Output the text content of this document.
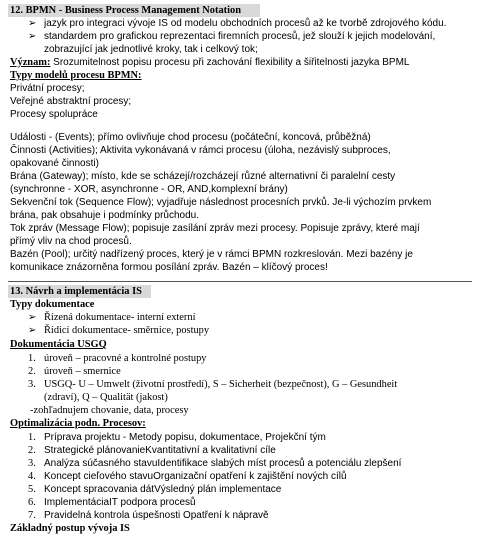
12. BPMN - Business Process Management Notation
➢ jazyk pro integraci vývoje IS od modelu obchodních procesů až ke tvorbě zdrojového kódu.
➢ standardem pro grafickou reprezentaci firemních procesů, jež slouží k jejich modelování,
zobrazující jak jednotlivé kroky, tak i celkový tok;
Význam: Srozumitelnost popisu procesu při zachování flexibility a šiřitelnosti jazyka BPML
Typy modelů procesu BPMN:
Privátní procesy;
Veřejné abstraktní procesy;
Procesy spolupráce
Události - (Events); přímo ovlivňuje chod procesu (počáteční, koncová, průběžná)
Činnosti (Activities); Aktivita vykonávaná v rámci procesu (úloha, nezávislý subproces,
opakované činnosti)
Brána (Gateway); místo, kde se scházejí/rozcházejí různé alternativní či paralelní cesty
(synchronne - XOR, asynchronne - OR, AND,komplexní brány)
Sekvenční tok (Sequence Flow); vyjadřuje následnost procesních prvků. Je-li výchozím prvkem
brána, pak obsahuje i podmínky průchodu.
Tok zpráv (Message Flow); popisuje zasílání zpráv mezi procesy. Popisuje zprávy, které mají
přímý vliv na chod procesů.
Bazén (Pool); určitý nadřízený proces, který je v rámci BPMN rozkreslován. Mezi bazény je
komunikace znázorněna formou posílání zpráv. Bazén – klíčový proces!
13. Návrh a implementácia IS
Typy dokumentace
➢ Řízená dokumentace- interní externí
➢ Řídicí dokumentace- směrnice, postupy
Dokumentácia USGQ
1. úroveň – pracovné a kontrolné postupy
2. úroveň – smernice
3. USGQ- U – Umwelt (životní prostředí), S – Sicherheit (bezpečnost), G – Gesundheit
(zdraví), Q – Qualität (jakost)
-zohľadnujem chovanie, data, procesy
Optimalizácia podn. Procesov:
1. Príprava projektu - Metody popisu, dokumentace, Projekční tým
2. Strategické plánovanieKvantitativní a kvalitativní cíle
3. Analýza súčasného stavuIdentifikace slabých míst procesů a potenciálu zlepšení
4. Koncept cieľového stavuOrganizační opatření k zajištění nových cílů
5. Koncept spracovania dátVýsledný plán implementace
6. ImplementáciaIT podpora procesů
7. Pravidelná kontrola úspešnosti Opatření k nápravě
Základný postup vývoja IS
